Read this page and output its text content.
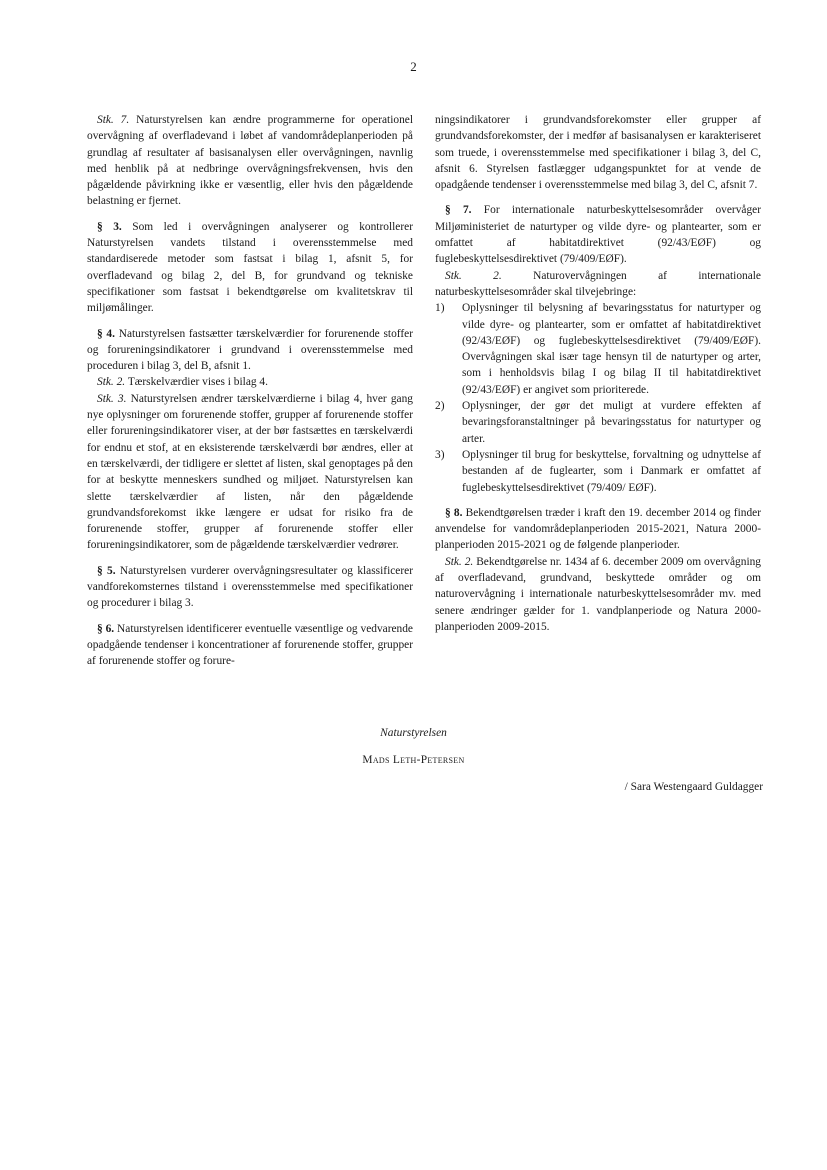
2

Stk. 7. Naturstyrelsen kan ændre programmerne for operationel overvågning af overfladevand i løbet af vandområdeplanperioden på grundlag af resultater af basisanalysen eller overvågningen, navnlig med henblik på at nedbringe overvågningsfrekvensen, hvis den pågældende påvirkning ikke er væsentlig, eller hvis den pågældende belastning er fjernet.

§ 3. Som led i overvågningen analyserer og kontrollerer Naturstyrelsen vandets tilstand i overensstemmelse med standardiserede metoder som fastsat i bilag 1, afsnit 5, for overfladevand og bilag 2, del B, for grundvand og tekniske specifikationer som fastsat i bekendtgørelse om kvalitetskrav til miljømålinger.

§ 4. Naturstyrelsen fastsætter tærskelværdier for forurenende stoffer og forureningsindikatorer i grundvand i overensstemmelse med proceduren i bilag 3, del B, afsnit 1.

Stk. 2. Tærskelværdier vises i bilag 4.

Stk. 3. Naturstyrelsen ændrer tærskelværdierne i bilag 4, hver gang nye oplysninger om forurenende stoffer, grupper af forurenende stoffer eller forureningsindikatorer viser, at der bør fastsættes en tærskelværdi for endnu et stof, at en eksisterende tærskelværdi bør ændres, eller at en tærskelværdi, der tidligere er slettet af listen, skal genoptages på den for at beskytte menneskers sundhed og miljøet. Naturstyrelsen kan slette tærskelværdier af listen, når den pågældende grundvandsforekomst ikke længere er udsat for risiko fra de forurenende stoffer, grupper af forurenende stoffer eller forureningsindikatorer, som de pågældende tærskelværdier vedrører.

§ 5. Naturstyrelsen vurderer overvågningsresultater og klassificerer vandforekomsternes tilstand i overensstemmelse med specifikationer og procedurer i bilag 3.

§ 6. Naturstyrelsen identificerer eventuelle væsentlige og vedvarende opadgående tendenser i koncentrationer af forurenende stoffer, grupper af forurenende stoffer og forure-

ningsindikatorer i grundvandsforekomster eller grupper af grundvandsforekomster, der i medfør af basisanalysen er karakteriseret som truede, i overensstemmelse med specifikationer i bilag 3, del C, afsnit 6. Styrelsen fastlægger udgangspunktet for at vende de opadgående tendenser i overensstemmelse med bilag 3, del C, afsnit 7.

§ 7. For internationale naturbeskyttelsesområder overvåger Miljøministeriet de naturtyper og vilde dyre- og plantearter, som er omfattet af habitatdirektivet (92/43/EØF) og fuglebeskyttelsesdirektivet (79/409/EØF).

Stk. 2.	Naturovervågningen af internationale naturbeskyttelsesområder skal tilvejebringe:

1) Oplysninger til belysning af bevaringsstatus for naturtyper og vilde dyre- og plantearter, som er omfattet af habitatdirektivet (92/43/EØF) og fuglebeskyttelsesdirektivet (79/409/EØF). Overvågningen skal især tage hensyn til de naturtyper og arter, som i henholdsvis bilag I og bilag II til habitatdirektivet (92/43/EØF) er angivet som prioriterede.
2) Oplysninger, der gør det muligt at vurdere effekten af bevaringsforanstaltninger på bevaringsstatus for naturtyper og arter.
3) Oplysninger til brug for beskyttelse, forvaltning og udnyttelse af bestanden af de fuglearter, som i Danmark er omfattet af fuglebeskyttelsesdirektivet (79/409/ EØF).

§ 8. Bekendtgørelsen træder i kraft den 19. december 2014 og finder anvendelse for vandområdeplanperioden 2015-2021, Natura 2000-planperioden 2015-2021 og de følgende planperioder.

Stk. 2. Bekendtgørelse nr. 1434 af 6. december 2009 om overvågning af overfladevand, grundvand, beskyttede områder og om naturovervågning i internationale naturbeskyttelsesområder mv. med senere ændringer gælder for 1. vandplanperiode og Natura 2000-planperioden 2009-2015.

Naturstyrelsen
Mads Leth-Petersen
/ Sara Westengaard Guldagger
